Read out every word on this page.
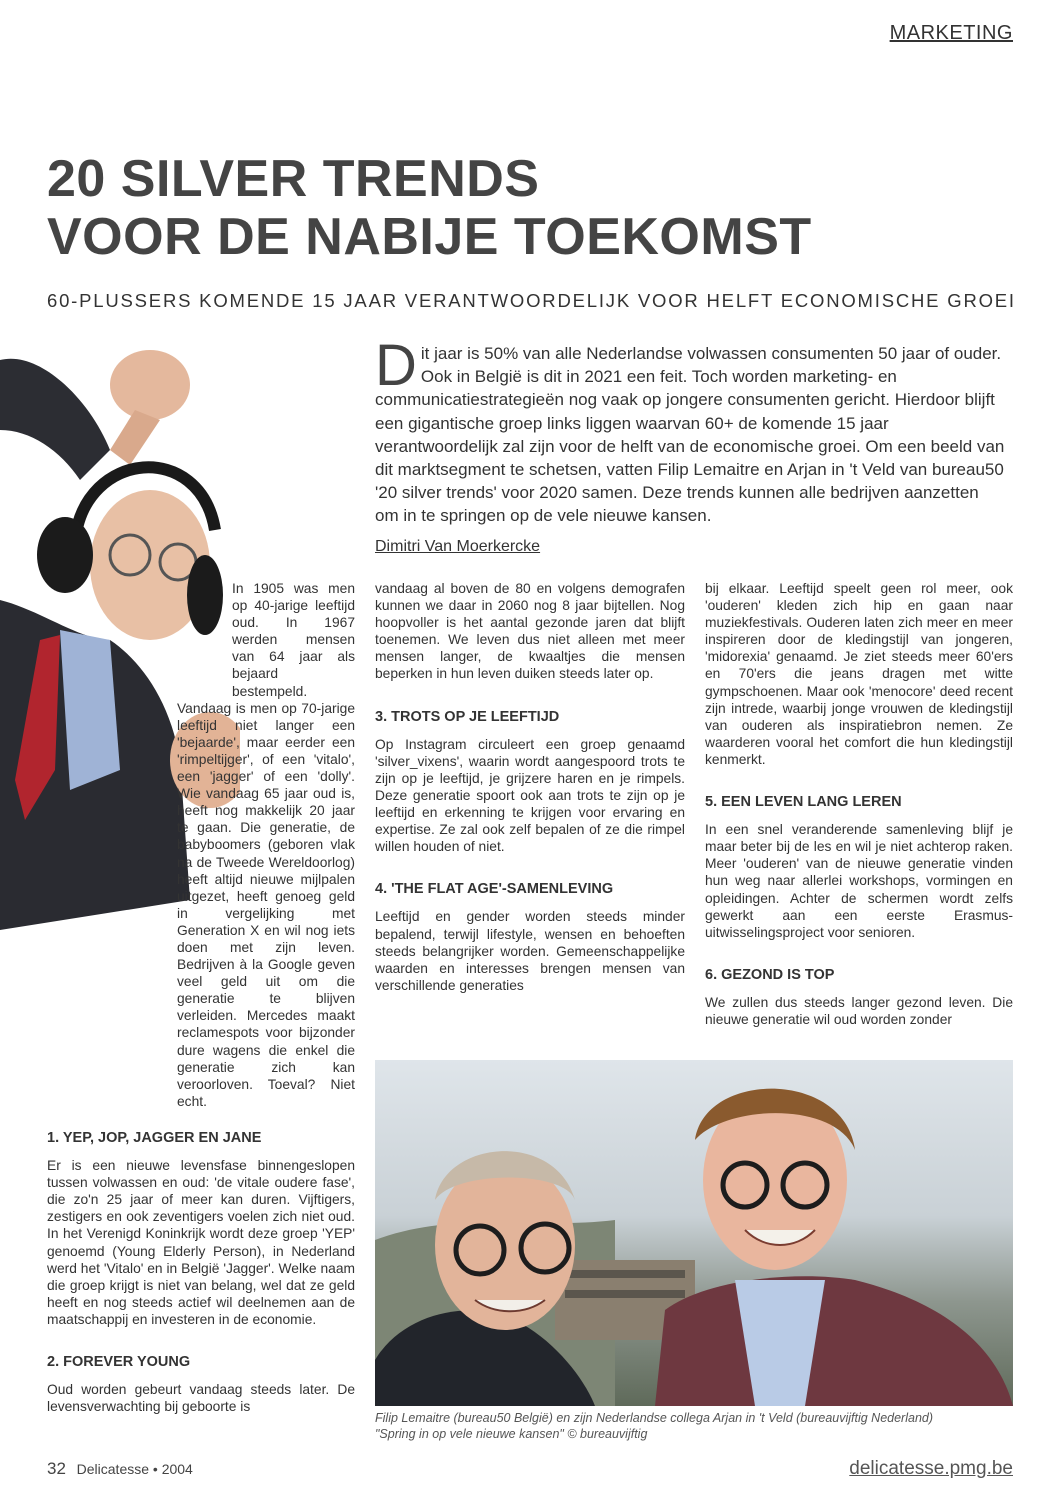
MARKETING
20 SILVER TRENDS
VOOR DE NABIJE TOEKOMST
60-PLUSSERS KOMENDE 15 JAAR VERANTWOORDELIJK VOOR HELFT ECONOMISCHE GROEI
D it jaar is 50% van alle Nederlandse volwassen consumenten 50 jaar of ouder. Ook in België is dit in 2021 een feit. Toch worden marketing- en communicatiestrategieën nog vaak op jongere consumenten gericht. Hierdoor blijft een gigantische groep links liggen waarvan 60+ de komende 15 jaar verantwoordelijk zal zijn voor de helft van de economische groei. Om een beeld van dit marktsegment te schetsen, vatten Filip Lemaitre en Arjan in 't Veld van bureau50 '20 silver trends' voor 2020 samen. Deze trends kunnen alle bedrijven aanzetten om in te springen op de vele nieuwe kansen.
Dimitri Van Moerkercke

In 1905 was men op 40-jarige leeftijd oud. In 1967 werden mensen van 64 jaar als bejaard bestempeld.

Vandaag is men op 70-jarige leeftijd niet langer een 'bejaarde', maar eerder een 'rimpeltijger', of een 'vitalo', een 'jagger' of een 'dolly'. Wie vandaag 65 jaar oud is, heeft nog makkelijk 20 jaar te gaan. Die generatie, de babyboomers (geboren vlak na de Tweede Wereldoorlog) heeft altijd nieuwe mijlpalen uitgezet, heeft genoeg geld in vergelijking met Generation X en wil nog iets doen met zijn leven. Bedrijven à la Google geven veel geld uit om die generatie te blijven verleiden. Mercedes maakt reclamespots voor bijzonder dure wagens die enkel die generatie zich kan veroorloven. Toeval? Niet echt.

1. YEP, JOP, JAGGER EN JANE

Er is een nieuwe levensfase binnengeslopen tussen volwassen en oud: 'de vitale oudere fase', die zo'n 25 jaar of meer kan duren. Vijftigers, zestigers en ook zeventigers voelen zich niet oud. In het Verenigd Koninkrijk wordt deze groep 'YEP' genoemd (Young Elderly Person), in Nederland werd het 'Vitalo' en in België 'Jagger'. Welke naam die groep krijgt is niet van belang, wel dat ze geld heeft en nog steeds actief wil deelnemen aan de maatschappij en investeren in de economie.

2. FOREVER YOUNG

Oud worden gebeurt vandaag steeds later. De levensverwachting bij geboorte is

vandaag al boven de 80 en volgens demografen kunnen we daar in 2060 nog 8 jaar bijtellen. Nog hoopvoller is het aantal gezonde jaren dat blijft toenemen. We leven dus niet alleen met meer mensen langer, de kwaaltjes die mensen beperken in hun leven duiken steeds later op.

3. TROTS OP JE LEEFTIJD

Op Instagram circuleert een groep genaamd 'silver_vixens', waarin wordt aangespoord trots te zijn op je leeftijd, je grijzere haren en je rimpels. Deze generatie spoort ook aan trots te zijn op je leeftijd en erkenning te krijgen voor ervaring en expertise. Ze zal ook zelf bepalen of ze die rimpel willen houden of niet.

4. 'THE FLAT AGE'-SAMENLEVING

Leeftijd en gender worden steeds minder bepalend, terwijl lifestyle, wensen en behoeften steeds belangrijker worden. Gemeenschappelijke waarden en interesses brengen mensen van verschillende generaties

bij elkaar. Leeftijd speelt geen rol meer, ook 'ouderen' kleden zich hip en gaan naar muziekfestivals. Ouderen laten zich meer en meer inspireren door de kledingstijl van jongeren, 'midorexia' genaamd. Je ziet steeds meer 60'ers en 70'ers die jeans dragen met witte gympschoenen. Maar ook 'menocore' deed recent zijn intrede, waarbij jonge vrouwen de kledingstijl van ouderen als inspiratiebron nemen. Ze waarderen vooral het comfort die hun kledingstijl kenmerkt.

5. EEN LEVEN LANG LEREN

In een snel veranderende samenleving blijf je maar beter bij de les en wil je niet achterop raken. Meer 'ouderen' van de nieuwe generatie vinden hun weg naar allerlei workshops, vormingen en opleidingen. Achter de schermen wordt zelfs gewerkt aan een eerste Erasmus-uitwisselingsproject voor senioren.

6. GEZOND IS TOP

We zullen dus steeds langer gezond leven. Die nieuwe generatie wil oud worden zonder

Filip Lemaitre (bureau50 België) en zijn Nederlandse collega Arjan in 't Veld (bureauvijftig Nederland)
"Spring in op vele nieuwe kansen" © bureauvijftig
32 Delicatesse • 2004	delicatesse.pmg.be
